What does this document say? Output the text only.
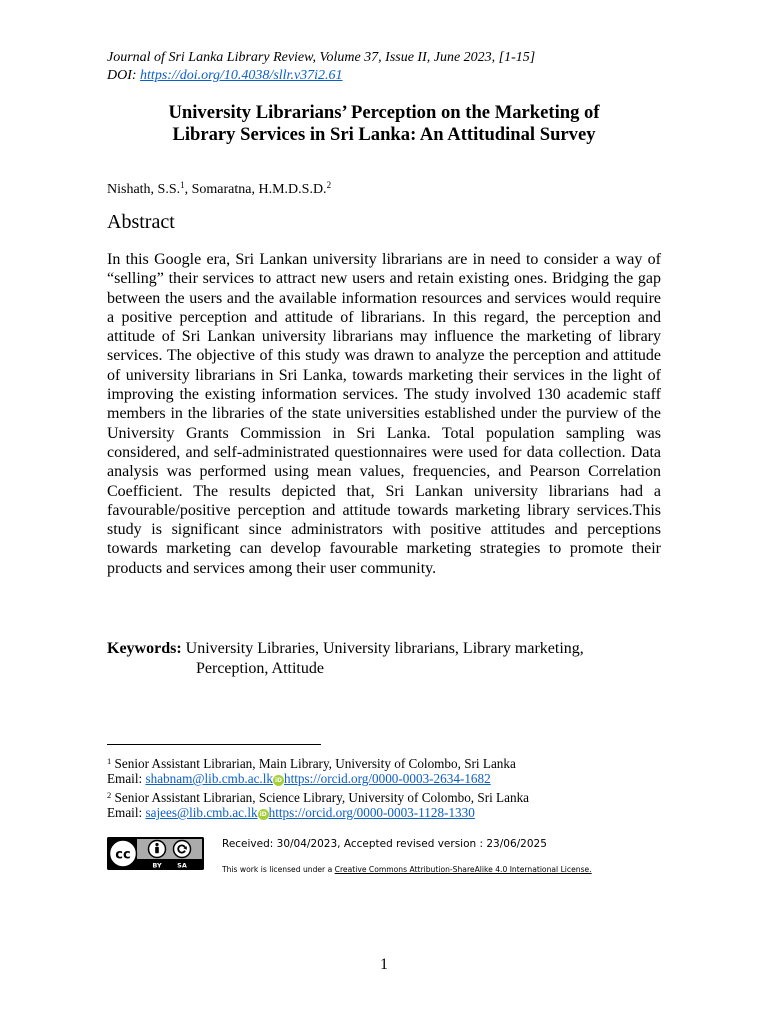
Journal of Sri Lanka Library Review, Volume 37, Issue II, June 2023, [1-15]
DOI: https://doi.org/10.4038/sllr.v37i2.61
University Librarians’ Perception on the Marketing of
Library Services in Sri Lanka: An Attitudinal Survey
Nishath, S.S.$^1$, Somaratna, H.M.D.S.D.$^2$
Abstract

In this Google era, Sri Lankan university librarians are in need to consider a way of “selling” their services to attract new users and retain existing ones. Bridging the gap between the users and the available information resources and services would require a positive perception and attitude of librarians. In this regard, the perception and attitude of Sri Lankan university librarians may influence the marketing of library services. The objective of this study was drawn to analyze the perception and attitude of university librarians in Sri Lanka, towards marketing their services in the light of improving the existing information services. The study involved 130 academic staff members in the libraries of the state universities established under the purview of the University Grants Commission in Sri Lanka. Total population sampling was considered, and self-administrated questionnaires were used for data collection. Data analysis was performed using mean values, frequencies, and Pearson Correlation Coefficient. The results depicted that, Sri Lankan university librarians had a favourable/positive perception and attitude towards marketing library services.This study is significant since administrators with positive attitudes and perceptions towards marketing can develop favourable marketing strategies to promote their products and services among their user community.

Keywords: University Libraries, University librarians, Library marketing,
Perception, Attitude
$^1$ Senior Assistant Librarian, Main Library, University of Colombo, Sri Lanka
Email: shabnam@lib.cmb.ac.lk iD https://orcid.org/0000-0003-2634-1682
$^2$ Senior Assistant Librarian, Science Library, University of Colombo, Sri Lanka
Email: sajees@lib.cmb.ac.lk iD https://orcid.org/0000-0003-1128-1330
cc
BY SA
Received: 30/04/2023, Accepted revised version : 23/06/2025
This work is licensed under a Creative Commons Attribution-ShareAlike 4.0 International License.
1
